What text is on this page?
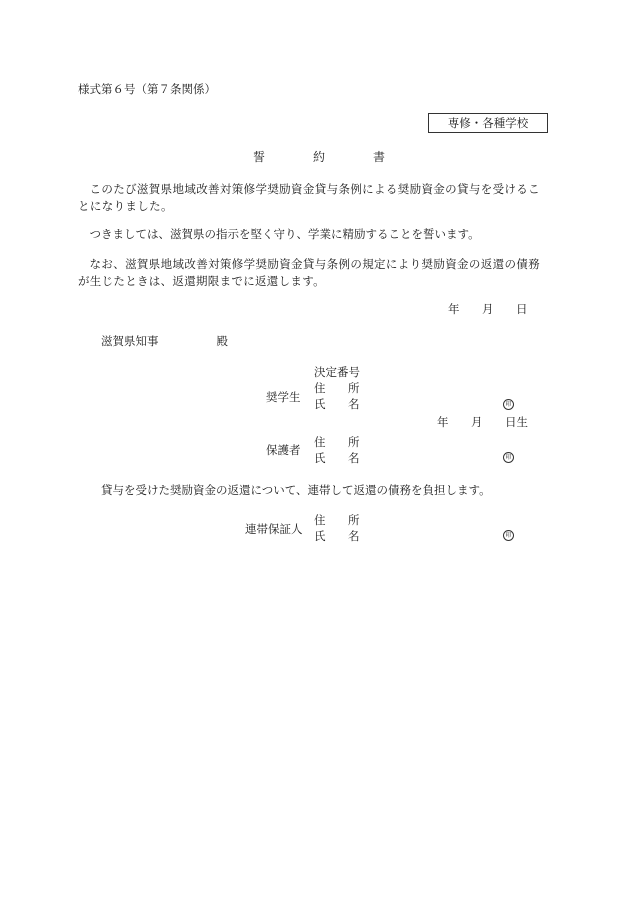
様式第６号（第７条関係）
専修・各種学校
誓	約	書
このたび滋賀県地域改善対策修学奨励資金貸与条例による奨励資金の貸与を受けることになりました。
つきましては、滋賀県の指示を堅く守り、学業に精励することを誓います。
なお、滋賀県地域改善対策修学奨励資金貸与条例の規定により奨励資金の返還の債務が生じたときは、返還期限までに返還します。
年 月 日
滋賀県知事	殿
決定番号
奨学生
住 所
氏 名	印
年 月 日生
保護者
住 所
氏 名	印
貸与を受けた奨励資金の返還について、連帯して返還の債務を負担します。
連帯保証人
住 所
氏 名	印
